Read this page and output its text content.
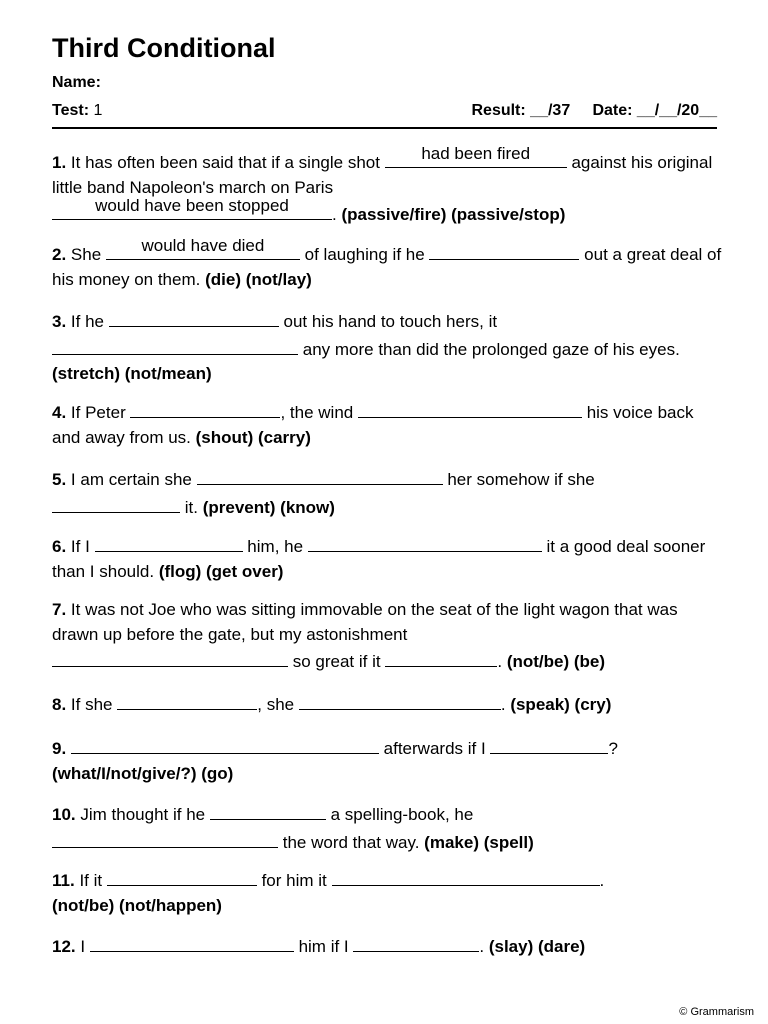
Third Conditional
Name:
Test: 1	Result: __/37 Date: __/__/20__
1. It has often been said that if a single shot	had been fired	against his original little band Napoleon's march on Paris

would have been stopped	. (passive/fire) (passive/stop)
2. She	would have died	of laughing if he	out a great deal of his money on them. (die) (not/lay)
3. If he	out his hand to touch hers, it
any more than did the prolonged gaze of his eyes. (stretch) (not/mean)
4. If Peter	, the wind	his voice back and away from us. (shout) (carry)
5. I am certain she	her somehow if she
it. (prevent) (know)
6. If I	him, he	it a good deal sooner than I should. (flog) (get over)
7. It was not Joe who was sitting immovable on the seat of the light wagon that was drawn up before the gate, but my astonishment
so great if it	. (not/be) (be)
8. If she	, she	. (speak) (cry)
9.	afterwards if I	?
(what/I/not/give/?) (go)
10. Jim thought if he	a spelling-book, he
the word that way. (make) (spell)
11. If it	for him it	.
(not/be) (not/happen)
12. I	him if I	. (slay) (dare)
© Grammarism
